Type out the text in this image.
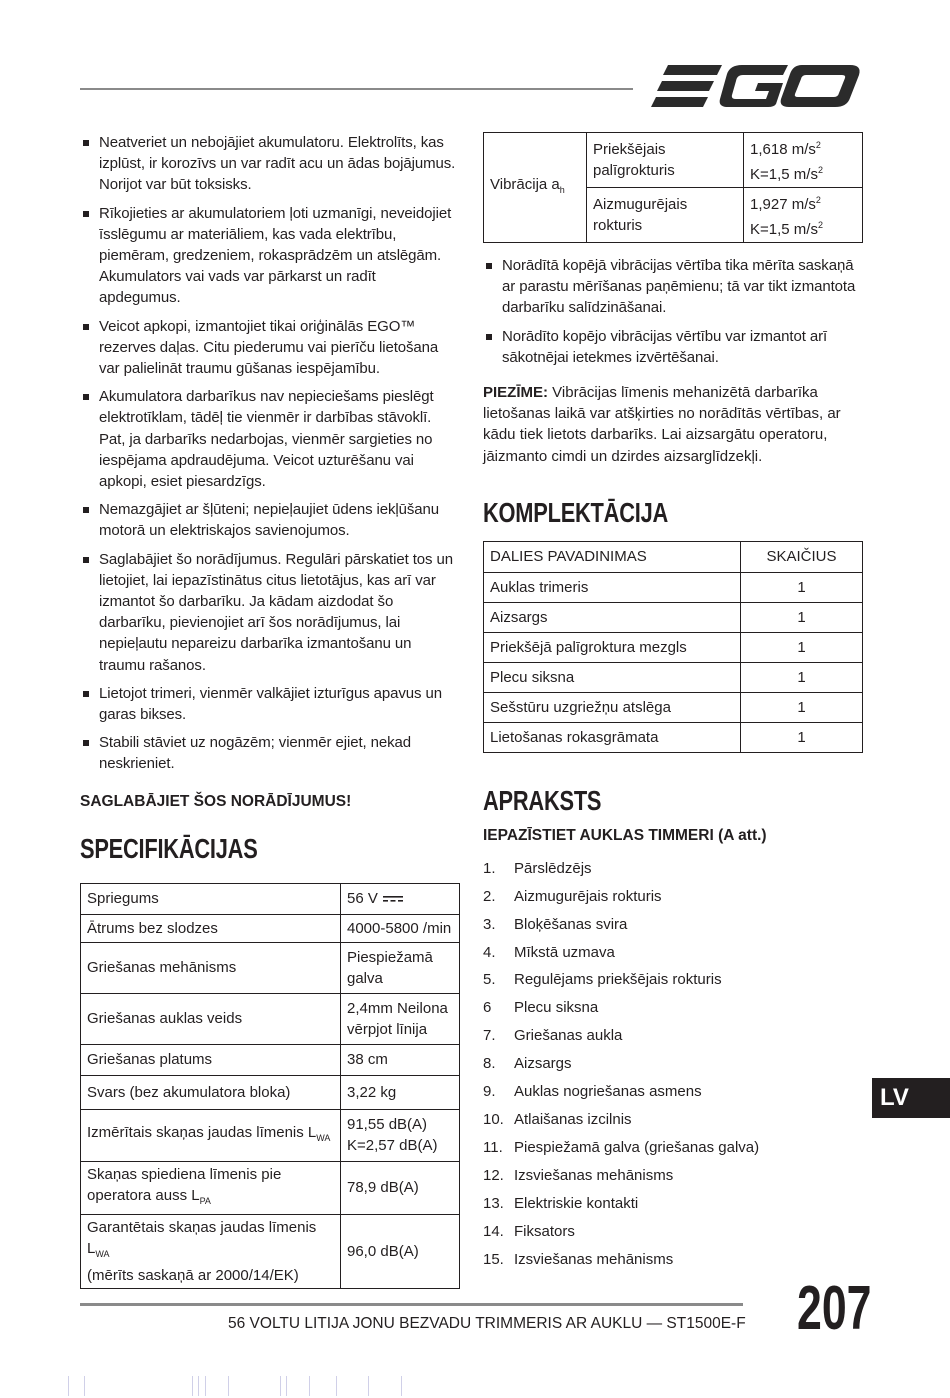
Neatveriet un nebojājiet akumulatoru. Elektrolīts, kas izplūst, ir korozīvs un var radīt acu un ādas bojājumus. Norijot var būt toksisks.
Rīkojieties ar akumulatoriem ļoti uzmanīgi, neveidojiet īsslēgumu ar materiāliem, kas vada elektrību, piemēram, gredzeniem, rokasprādzēm un atslēgām. Akumulators vai vads var pārkarst un radīt apdegumus.
Veicot apkopi, izmantojiet tikai oriģinālās EGO™ rezerves daļas. Citu piederumu vai pierīču lietošana var palielināt traumu gūšanas iespējamību.
Akumulatora darbarīkus nav nepieciešams pieslēgt elektrotīklam, tādēļ tie vienmēr ir darbības stāvoklī. Pat, ja darbarīks nedarbojas, vienmēr sargieties no iespējama apdraudējuma. Veicot uzturēšanu vai apkopi, esiet piesardzīgs.
Nemazgājiet ar šļūteni; nepieļaujiet ūdens iekļūšanu motorā un elektriskajos savienojumos.
Saglabājiet šo norādījumus. Regulāri pārskatiet tos un lietojiet, lai iepazīstinātus citus lietotājus, kas arī var izmantot šo darbarīku. Ja kādam aizdodat šo darbarīku, pievienojiet arī šos norādījumus, lai nepieļautu nepareizu darbarīka izmantošanu un traumu rašanos.
Lietojot trimeri, vienmēr valkājiet izturīgus apavus un garas bikses.
Stabili stāviet uz nogāzēm; vienmēr ejiet, nekad neskrieniet.
SAGLABĀJIET ŠOS NORĀDĪJUMUS!
SPECIFIKĀCIJAS
Spriegums	56 V
Ātrums bez slodzes	4000-5800 /min
Griešanas mehānisms	Piespiežamā galva
Griešanas auklas veids	2,4mm Neilona vērpjot līnija
Griešanas platums	38 cm
Svars (bez akumulatora bloka)	3,22 kg
Izmērītais skaņas jaudas līmenis $L_{WA}$	91,55 dB(A) K=2,57 dB(A)
Skaņas spiediena līmenis pie operatora auss $L_{PA}$	78,9 dB(A)
Garantētais skaņas jaudas līmenis $L_{WA}$
(mērīts saskaņā ar 2000/14/EK)	96,0 dB(A)
Vibrācija $a_h$	Priekšējais palīgrokturis	1,618 $m/s^2$
K=1,5 $m/s^2$
	Aizmugurējais rokturis	1,927 $m/s^2$
K=1,5 $m/s^2$
Norādītā kopējā vibrācijas vērtība tika mērīta saskaņā ar parastu mērīšanas paņēmienu; tā var tikt izmantota darbarīku salīdzināšanai.
Norādīto kopējo vibrācijas vērtību var izmantot arī sākotnējai ietekmes izvērtēšanai.
PIEZĪME: Vibrācijas līmenis mehanizētā darbarīka lietošanas laikā var atšķirties no norādītās vērtības, ar kādu tiek lietots darbarīks. Lai aizsargātu operatoru, jāizmanto cimdi un dzirdes aizsarglīdzekļi.
KOMPLEKTĀCIJA
DALIES PAVADINIMAS	SKAIČIUS
Auklas trimeris	1
Aizsargs	1
Priekšējā palīgroktura mezgls	1
Plecu siksna	1
Sešstūru uzgriežņu atslēga	1
Lietošanas rokasgrāmata	1
APRAKSTS
IEPAZĪSTIET AUKLAS TIMMERI (A att.)
1.	Pārslēdzējs
2.	Aizmugurējais rokturis
3.	Bloķēšanas svira
4.	Mīkstā uzmava
5.	Regulējams priekšējais rokturis
6	Plecu siksna
7.	Griešanas aukla
8.	Aizsargs
9.	Auklas nogriešanas asmens
10. Atlaišanas izcilnis
11. Piespiežamā galva (griešanas galva)
12. Izsviešanas mehānisms
13. Elektriskie kontakti
14. Fiksators
15. Izsviešanas mehānisms
LV
56 VOLTU LITIJA JONU BEZVADU TRIMMERIS AR AUKLU — ST1500E-F 207
